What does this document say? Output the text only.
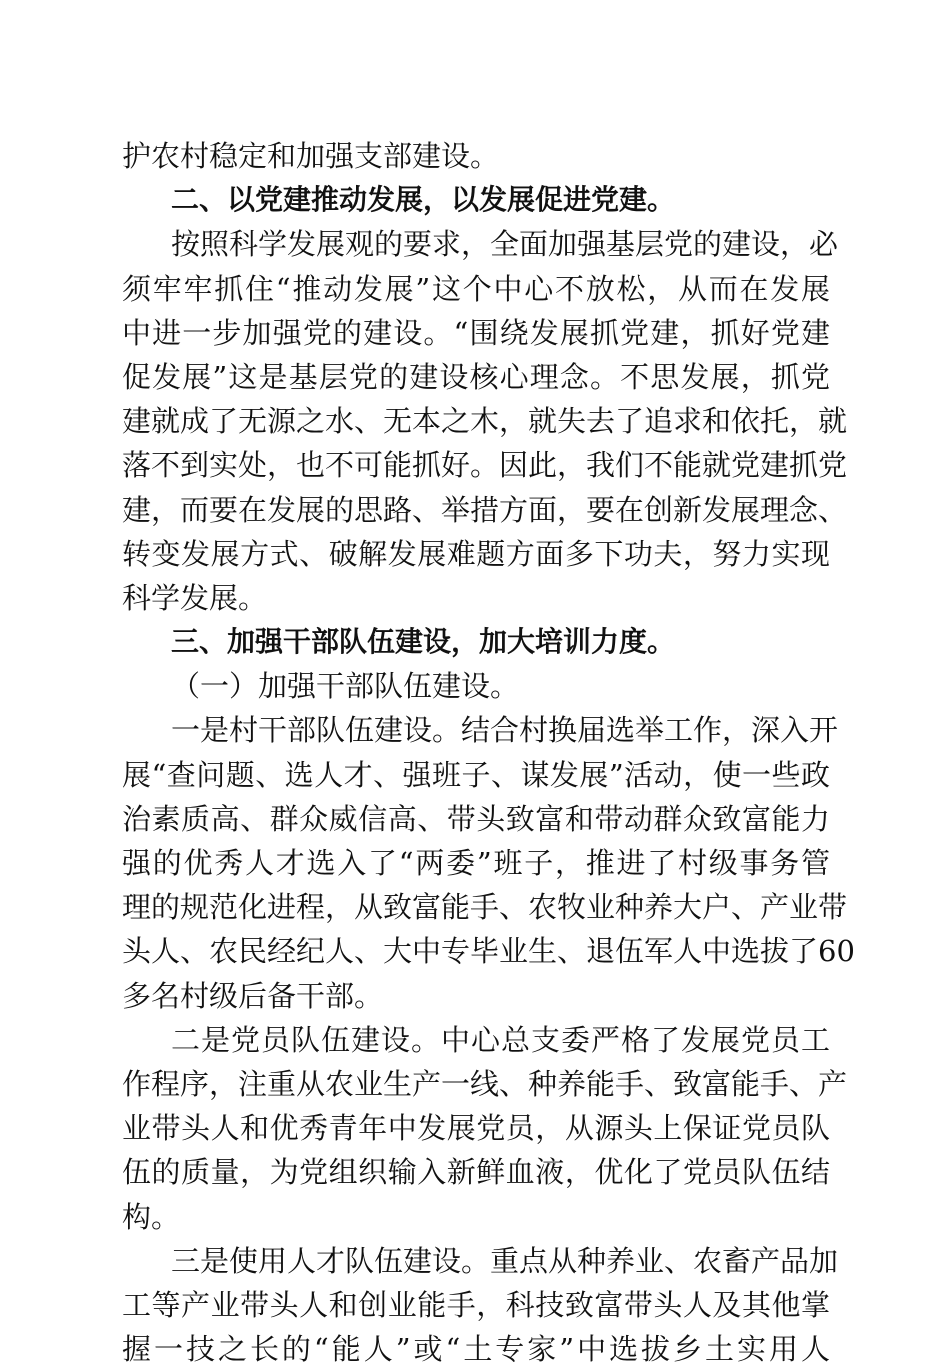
护农村稳定和加强支部建设。
二、以党建推动发展，以发展促进党建。
按照科学发展观的要求，全面加强基层党的建设，必
须牢牢抓住“推动发展”这个中心不放松，从而在发展
中进一步加强党的建设。“围绕发展抓党建，抓好党建
促发展”这是基层党的建设核心理念。不思发展，抓党
建就成了无源之水、无本之木，就失去了追求和依托，就
落不到实处，也不可能抓好。因此，我们不能就党建抓党
建，而要在发展的思路、举措方面，要在创新发展理念、
转变发展方式、破解发展难题方面多下功夫，努力实现
科学发展。
三、加强干部队伍建设，加大培训力度。
（一）加强干部队伍建设。
一是村干部队伍建设。结合村换届选举工作，深入开
展“查问题、选人才、强班子、谋发展”活动，使一些政
治素质高、群众威信高、带头致富和带动群众致富能力
强的优秀人才选入了“两委”班子，推进了村级事务管
理的规范化进程，从致富能手、农牧业种养大户、产业带
头人、农民经纪人、大中专毕业生、退伍军人中选拔了60
多名村级后备干部。
二是党员队伍建设。中心总支委严格了发展党员工
作程序，注重从农业生产一线、种养能手、致富能手、产
业带头人和优秀青年中发展党员，从源头上保证党员队
伍的质量，为党组织输入新鲜血液，优化了党员队伍结
构。
三是使用人才队伍建设。重点从种养业、农畜产品加
工等产业带头人和创业能手，科技致富带头人及其他掌
握一技之长的“能人”或“土专家”中选拔乡土实用人
